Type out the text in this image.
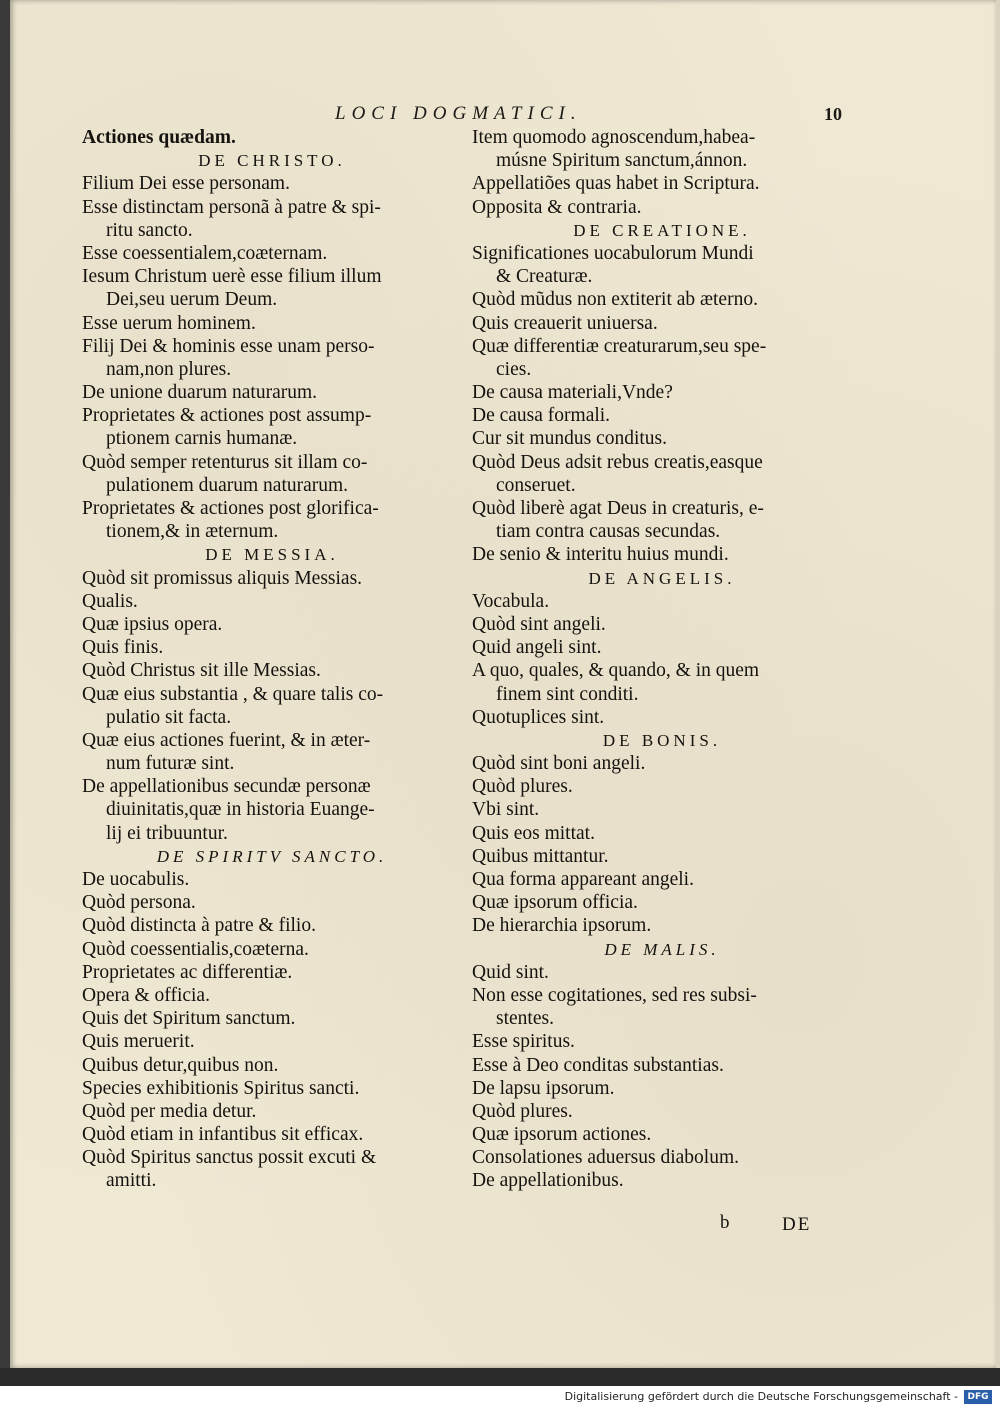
LOCI DOGMATICI.	10
Actiones quædam.
DE CHRISTO.
Filium Dei esse personam.
Esse distinctam personã à patre & spi-
ritu sancto.
Esse coessentialem,coæternam.
Iesum Christum uerè esse filium illum
Dei,seu uerum Deum.
Esse uerum hominem.
Filij Dei & hominis esse unam perso-
nam,non plures.
De unione duarum naturarum.
Proprietates & actiones post assump-
ptionem carnis humanæ.
Quòd semper retenturus sit illam co-
pulationem duarum naturarum.
Proprietates & actiones post glorifica-
tionem,& in æternum.
DE MESSIA.
Quòd sit promissus aliquis Messias.
Qualis.
Quæ ipsius opera.
Quis finis.
Quòd Christus sit ille Messias.
Quæ eius substantia , & quare talis co-
pulatio sit facta.
Quæ eius actiones fuerint, & in æter-
num futuræ sint.
De appellationibus secundæ personæ
diuinitatis,quæ in historia Euange-
lij ei tribuuntur.
DE SPIRITV SANCTO.
De uocabulis.
Quòd persona.
Quòd distincta à patre & filio.
Quòd coessentialis,coæterna.
Proprietates ac differentiæ.
Opera & officia.
Quis det Spiritum sanctum.
Quis meruerit.
Quibus detur,quibus non.
Species exhibitionis Spiritus sancti.
Quòd per media detur.
Quòd etiam in infantibus sit efficax.
Quòd Spiritus sanctus possit excuti &
amitti.
Item quomodo agnoscendum,habea-
músne Spiritum sanctum,ánnon.
Appellatiões quas habet in Scriptura.
Opposita & contraria.
DE CREATIONE.
Significationes uocabulorum Mundi
& Creaturæ.
Quòd mũdus non extiterit ab æterno.
Quis creauerit uniuersa.
Quæ differentiæ creaturarum,seu spe-
cies.
De causa materiali,Vnde?
De causa formali.
Cur sit mundus conditus.
Quòd Deus adsit rebus creatis,easque
conseruet.
Quòd liberè agat Deus in creaturis, e-
tiam contra causas secundas.
De senio & interitu huius mundi.
DE ANGELIS.
Vocabula.
Quòd sint angeli.
Quid angeli sint.
A quo, quales, & quando, & in quem
finem sint conditi.
Quotuplices sint.
DE BONIS.
Quòd sint boni angeli.
Quòd plures.
Vbi sint.
Quis eos mittat.
Quibus mittantur.
Qua forma appareant angeli.
Quæ ipsorum officia.
De hierarchia ipsorum.
DE MALIS.
Quid sint.
Non esse cogitationes, sed res subsi-
stentes.
Esse spiritus.
Esse à Deo conditas substantias.
De lapsu ipsorum.
Quòd plures.
Quæ ipsorum actiones.
Consolationes aduersus diabolum.
De appellationibus.
b	DE
Digitalisierung gefördert durch die Deutsche Forschungsgemeinschaft -	DFG
